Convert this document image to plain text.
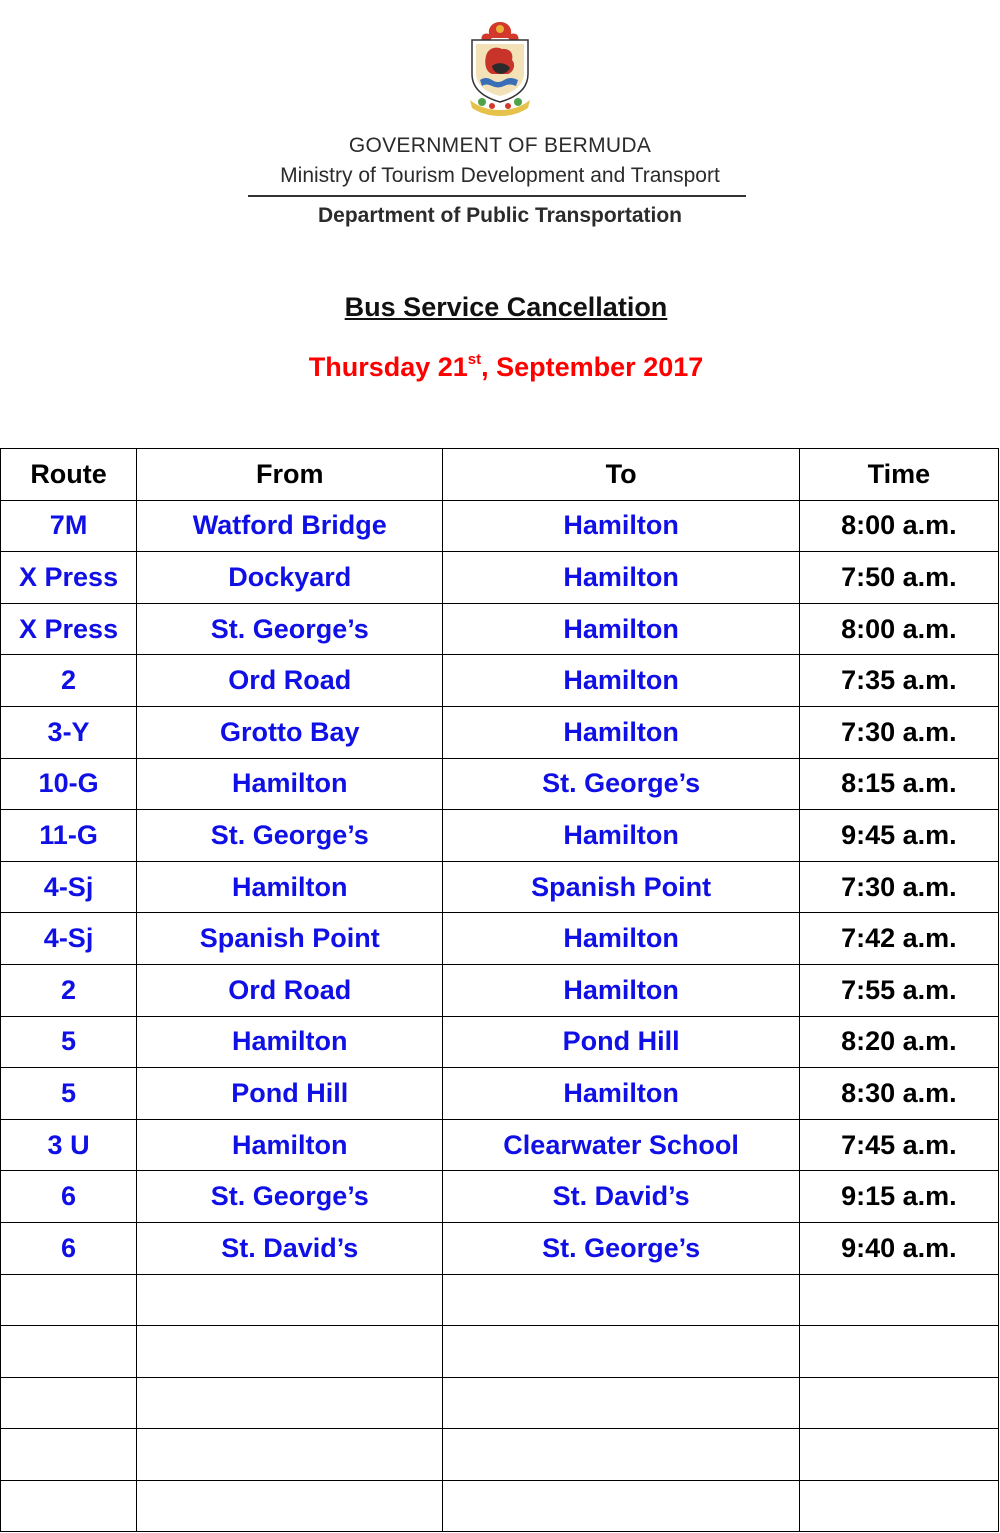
GOVERNMENT OF BERMUDA
Ministry of Tourism Development and Transport
Department of Public Transportation
Bus Service Cancellation
Thursday 21st, September 2017
Route	From	To	Time
7M	Watford Bridge	Hamilton	8:00 a.m.
X Press	Dockyard	Hamilton	7:50 a.m.
X Press	St. George’s	Hamilton	8:00 a.m.
2	Ord Road	Hamilton	7:35 a.m.
3-Y	Grotto Bay	Hamilton	7:30 a.m.
10-G	Hamilton	St. George’s	8:15 a.m.
11-G	St. George’s	Hamilton	9:45 a.m.
4-Sj	Hamilton	Spanish Point	7:30 a.m.
4-Sj	Spanish Point	Hamilton	7:42 a.m.
2	Ord Road	Hamilton	7:55 a.m.
5	Hamilton	Pond Hill	8:20 a.m.
5	Pond Hill	Hamilton	8:30 a.m.
3 U	Hamilton	Clearwater School	7:45 a.m.
6	St. George’s	St. David’s	9:15 a.m.
6	St. David’s	St. George’s	9:40 a.m.
